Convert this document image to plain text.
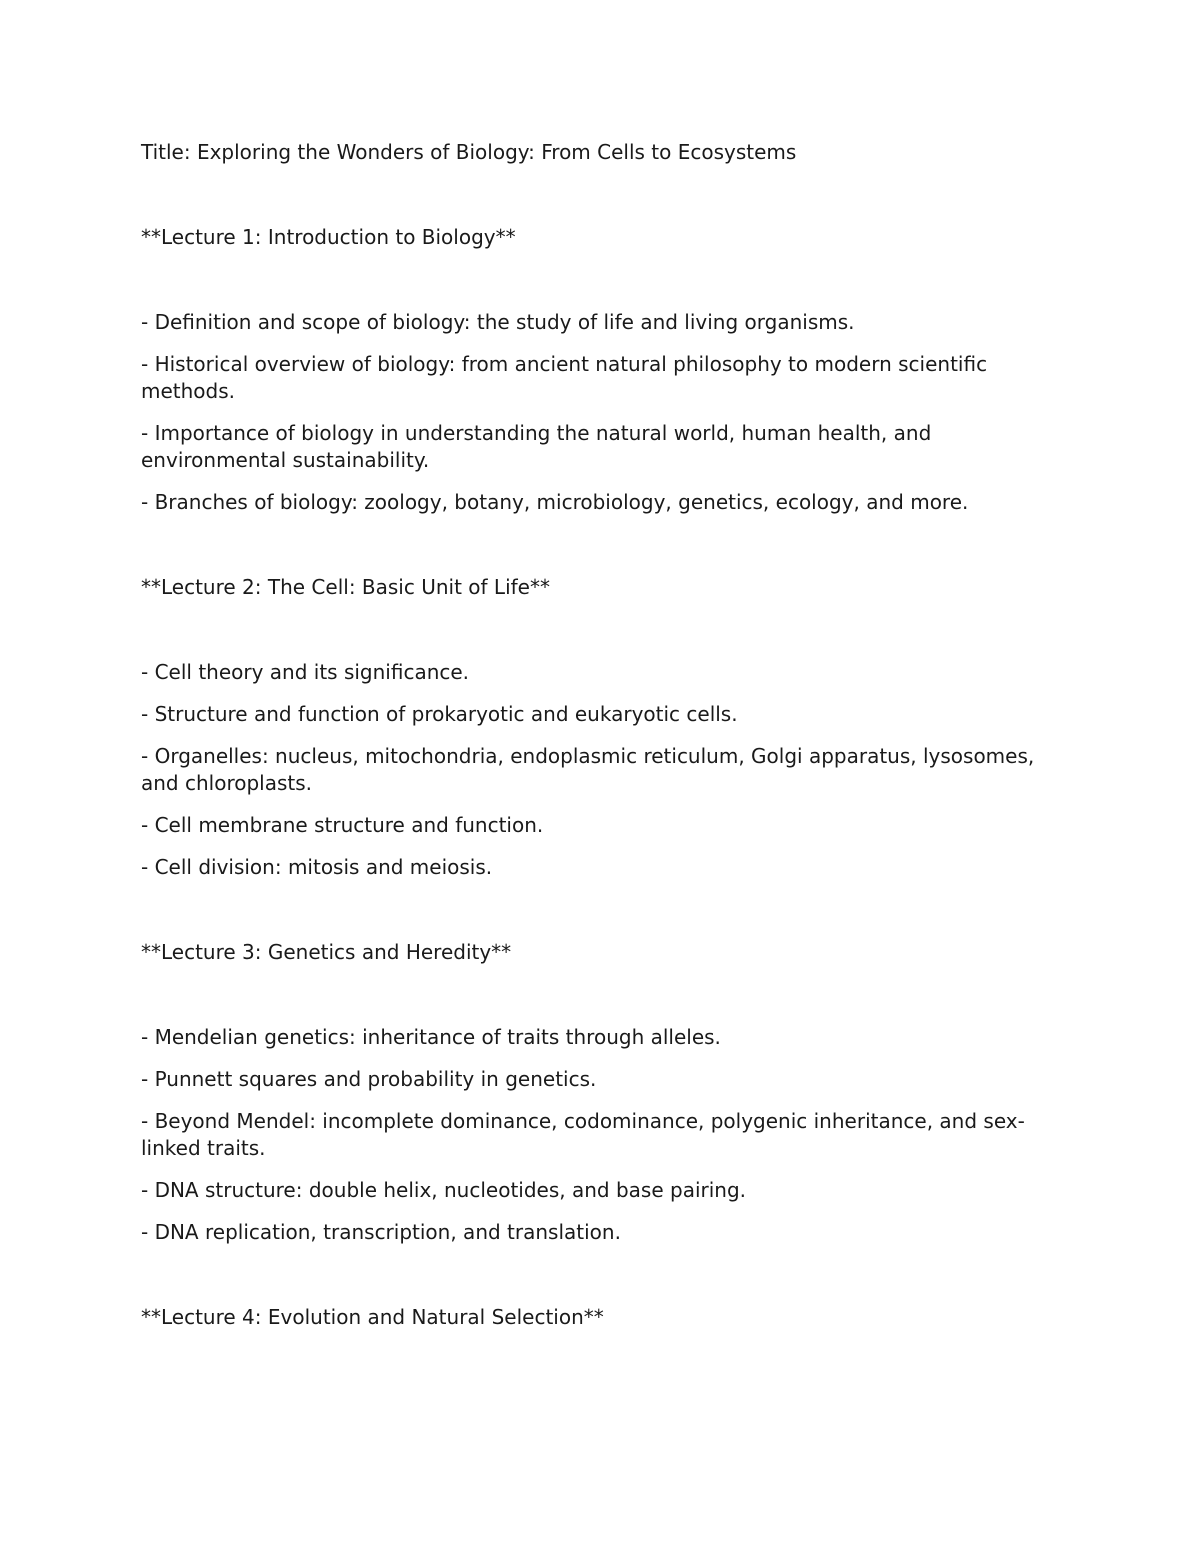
Title: Exploring the Wonders of Biology: From Cells to Ecosystems

**Lecture 1: Introduction to Biology**

- Definition and scope of biology: the study of life and living organisms.
- Historical overview of biology: from ancient natural philosophy to modern scientific methods.
- Importance of biology in understanding the natural world, human health, and environmental sustainability.
- Branches of biology: zoology, botany, microbiology, genetics, ecology, and more.

**Lecture 2: The Cell: Basic Unit of Life**

- Cell theory and its significance.
- Structure and function of prokaryotic and eukaryotic cells.
- Organelles: nucleus, mitochondria, endoplasmic reticulum, Golgi apparatus, lysosomes, and chloroplasts.
- Cell membrane structure and function.
- Cell division: mitosis and meiosis.

**Lecture 3: Genetics and Heredity**

- Mendelian genetics: inheritance of traits through alleles.
- Punnett squares and probability in genetics.
- Beyond Mendel: incomplete dominance, codominance, polygenic inheritance, and sex-linked traits.
- DNA structure: double helix, nucleotides, and base pairing.
- DNA replication, transcription, and translation.

**Lecture 4: Evolution and Natural Selection**
